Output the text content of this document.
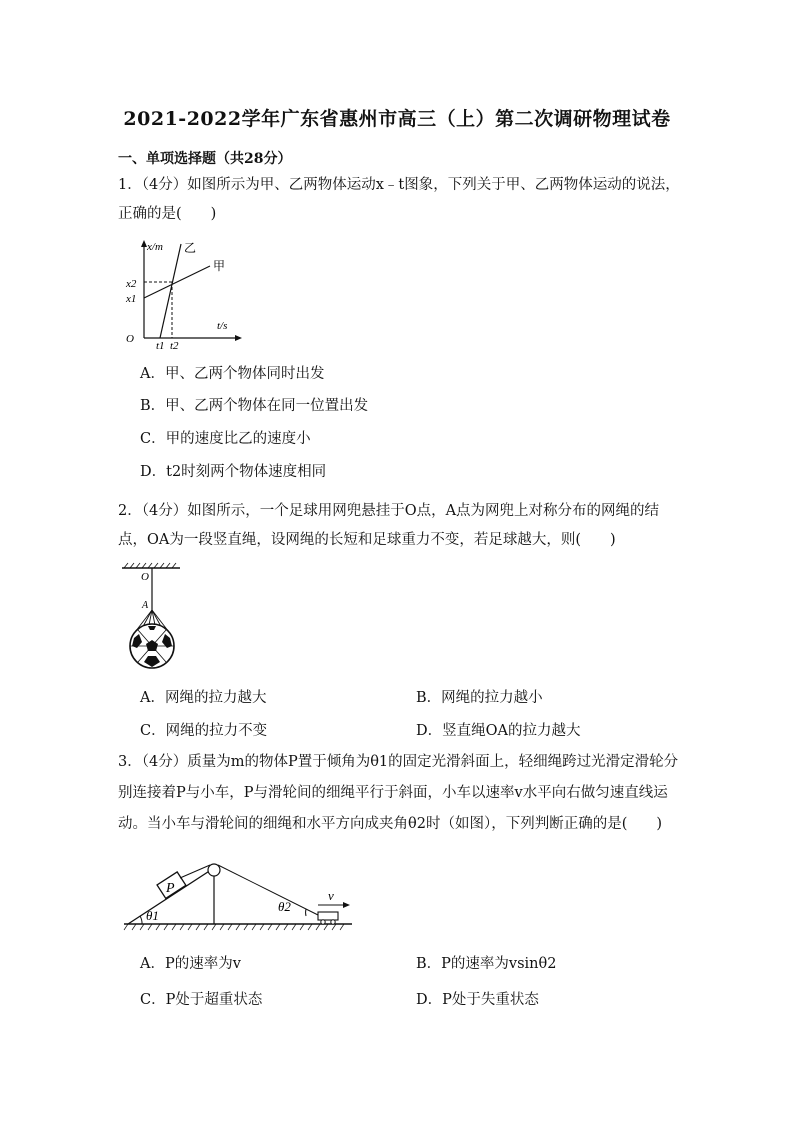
2021-2022学年广东省惠州市高三（上）第二次调研物理试卷
一、单项选择题（共28分）
1．（4分）如图所示为甲、乙两物体运动x﹣t图象，下列关于甲、乙两物体运动的说法，正确的是(　　)
x/m
t/s
O
x2
x1
t1 t2
乙
甲
A．甲、乙两个物体同时出发
B．甲、乙两个物体在同一位置出发
C．甲的速度比乙的速度小
D．t2时刻两个物体速度相同
2．（4分）如图所示，一个足球用网兜悬挂于O点，A点为网兜上对称分布的网绳的结点，OA为一段竖直绳，设网绳的长短和足球重力不变，若足球越大，则(　　)
O
A
A．网绳的拉力越大	B．网绳的拉力越小
C．网绳的拉力不变	D．竖直绳OA的拉力越大
3．（4分）质量为m的物体P置于倾角为θ1的固定光滑斜面上，轻细绳跨过光滑定滑轮分别连接着P与小车，P与滑轮间的细绳平行于斜面，小车以速率v水平向右做匀速直线运动。当小车与滑轮间的细绳和水平方向成夹角θ2时（如图），下列判断正确的是(　　)
P	v
θ1
θ2
A．P的速率为v	B．P的速率为vsinθ2
C．P处于超重状态	D．P处于失重状态
